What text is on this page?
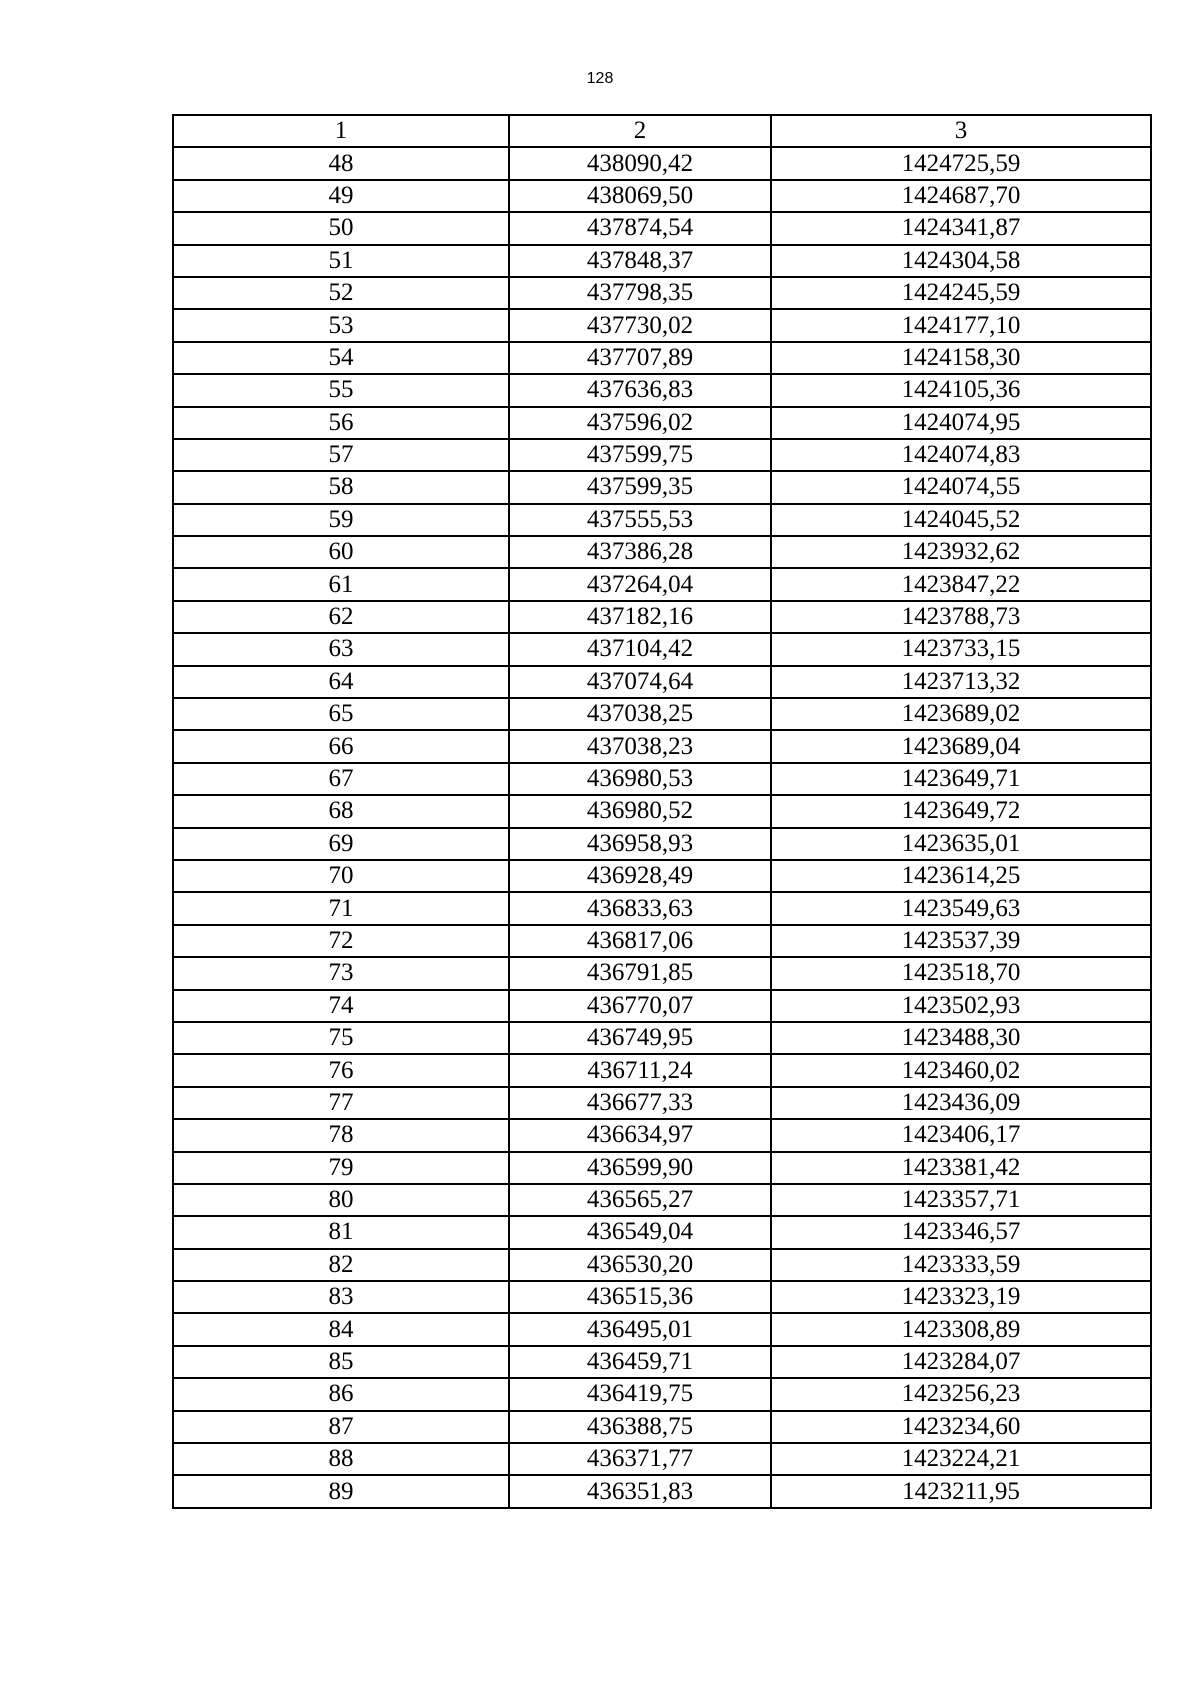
128
1	2	3
48	438090,42	1424725,59
49	438069,50	1424687,70
50	437874,54	1424341,87
51	437848,37	1424304,58
52	437798,35	1424245,59
53	437730,02	1424177,10
54	437707,89	1424158,30
55	437636,83	1424105,36
56	437596,02	1424074,95
57	437599,75	1424074,83
58	437599,35	1424074,55
59	437555,53	1424045,52
60	437386,28	1423932,62
61	437264,04	1423847,22
62	437182,16	1423788,73
63	437104,42	1423733,15
64	437074,64	1423713,32
65	437038,25	1423689,02
66	437038,23	1423689,04
67	436980,53	1423649,71
68	436980,52	1423649,72
69	436958,93	1423635,01
70	436928,49	1423614,25
71	436833,63	1423549,63
72	436817,06	1423537,39
73	436791,85	1423518,70
74	436770,07	1423502,93
75	436749,95	1423488,30
76	436711,24	1423460,02
77	436677,33	1423436,09
78	436634,97	1423406,17
79	436599,90	1423381,42
80	436565,27	1423357,71
81	436549,04	1423346,57
82	436530,20	1423333,59
83	436515,36	1423323,19
84	436495,01	1423308,89
85	436459,71	1423284,07
86	436419,75	1423256,23
87	436388,75	1423234,60
88	436371,77	1423224,21
89	436351,83	1423211,95
